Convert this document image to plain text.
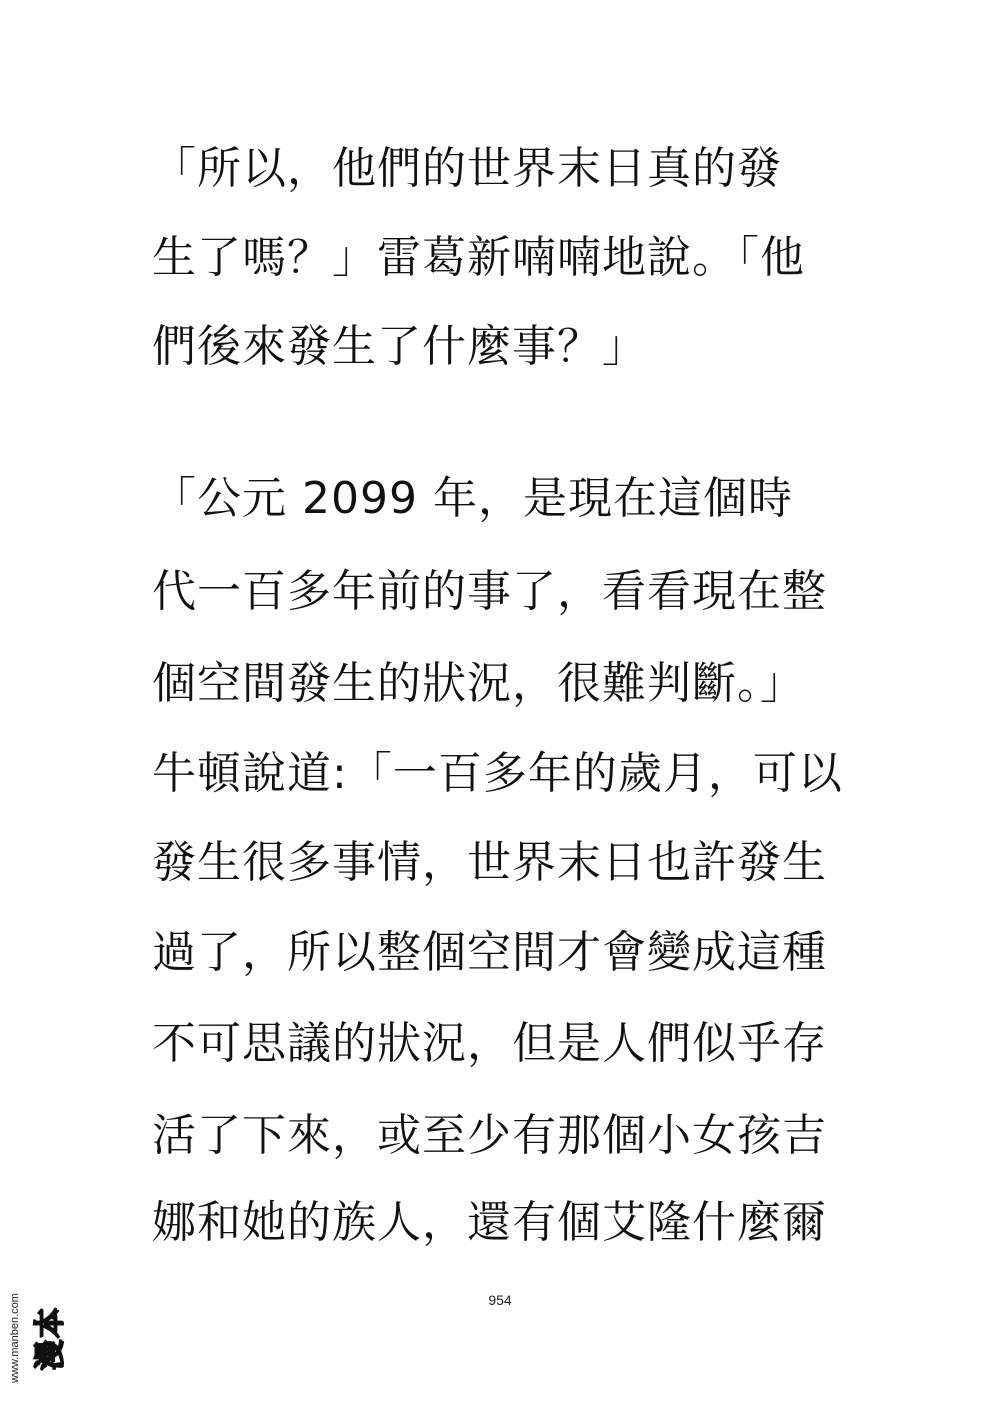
「所以，他們的世界末日真的發
生了嗎？」雷葛新喃喃地說。「他
們後來發生了什麼事？」
「公元 2099 年，是現在這個時
代一百多年前的事了，看看現在整
個空間發生的狀況，很難判斷。」
牛頓說道:「一百多年的歲月，可以
發生很多事情，世界末日也許發生
過了，所以整個空間才會變成這種
不可思議的狀況，但是人們似乎存
活了下來，或至少有那個小女孩吉
娜和她的族人，還有個艾隆什麼爾
954
www.manben.com 漫本
